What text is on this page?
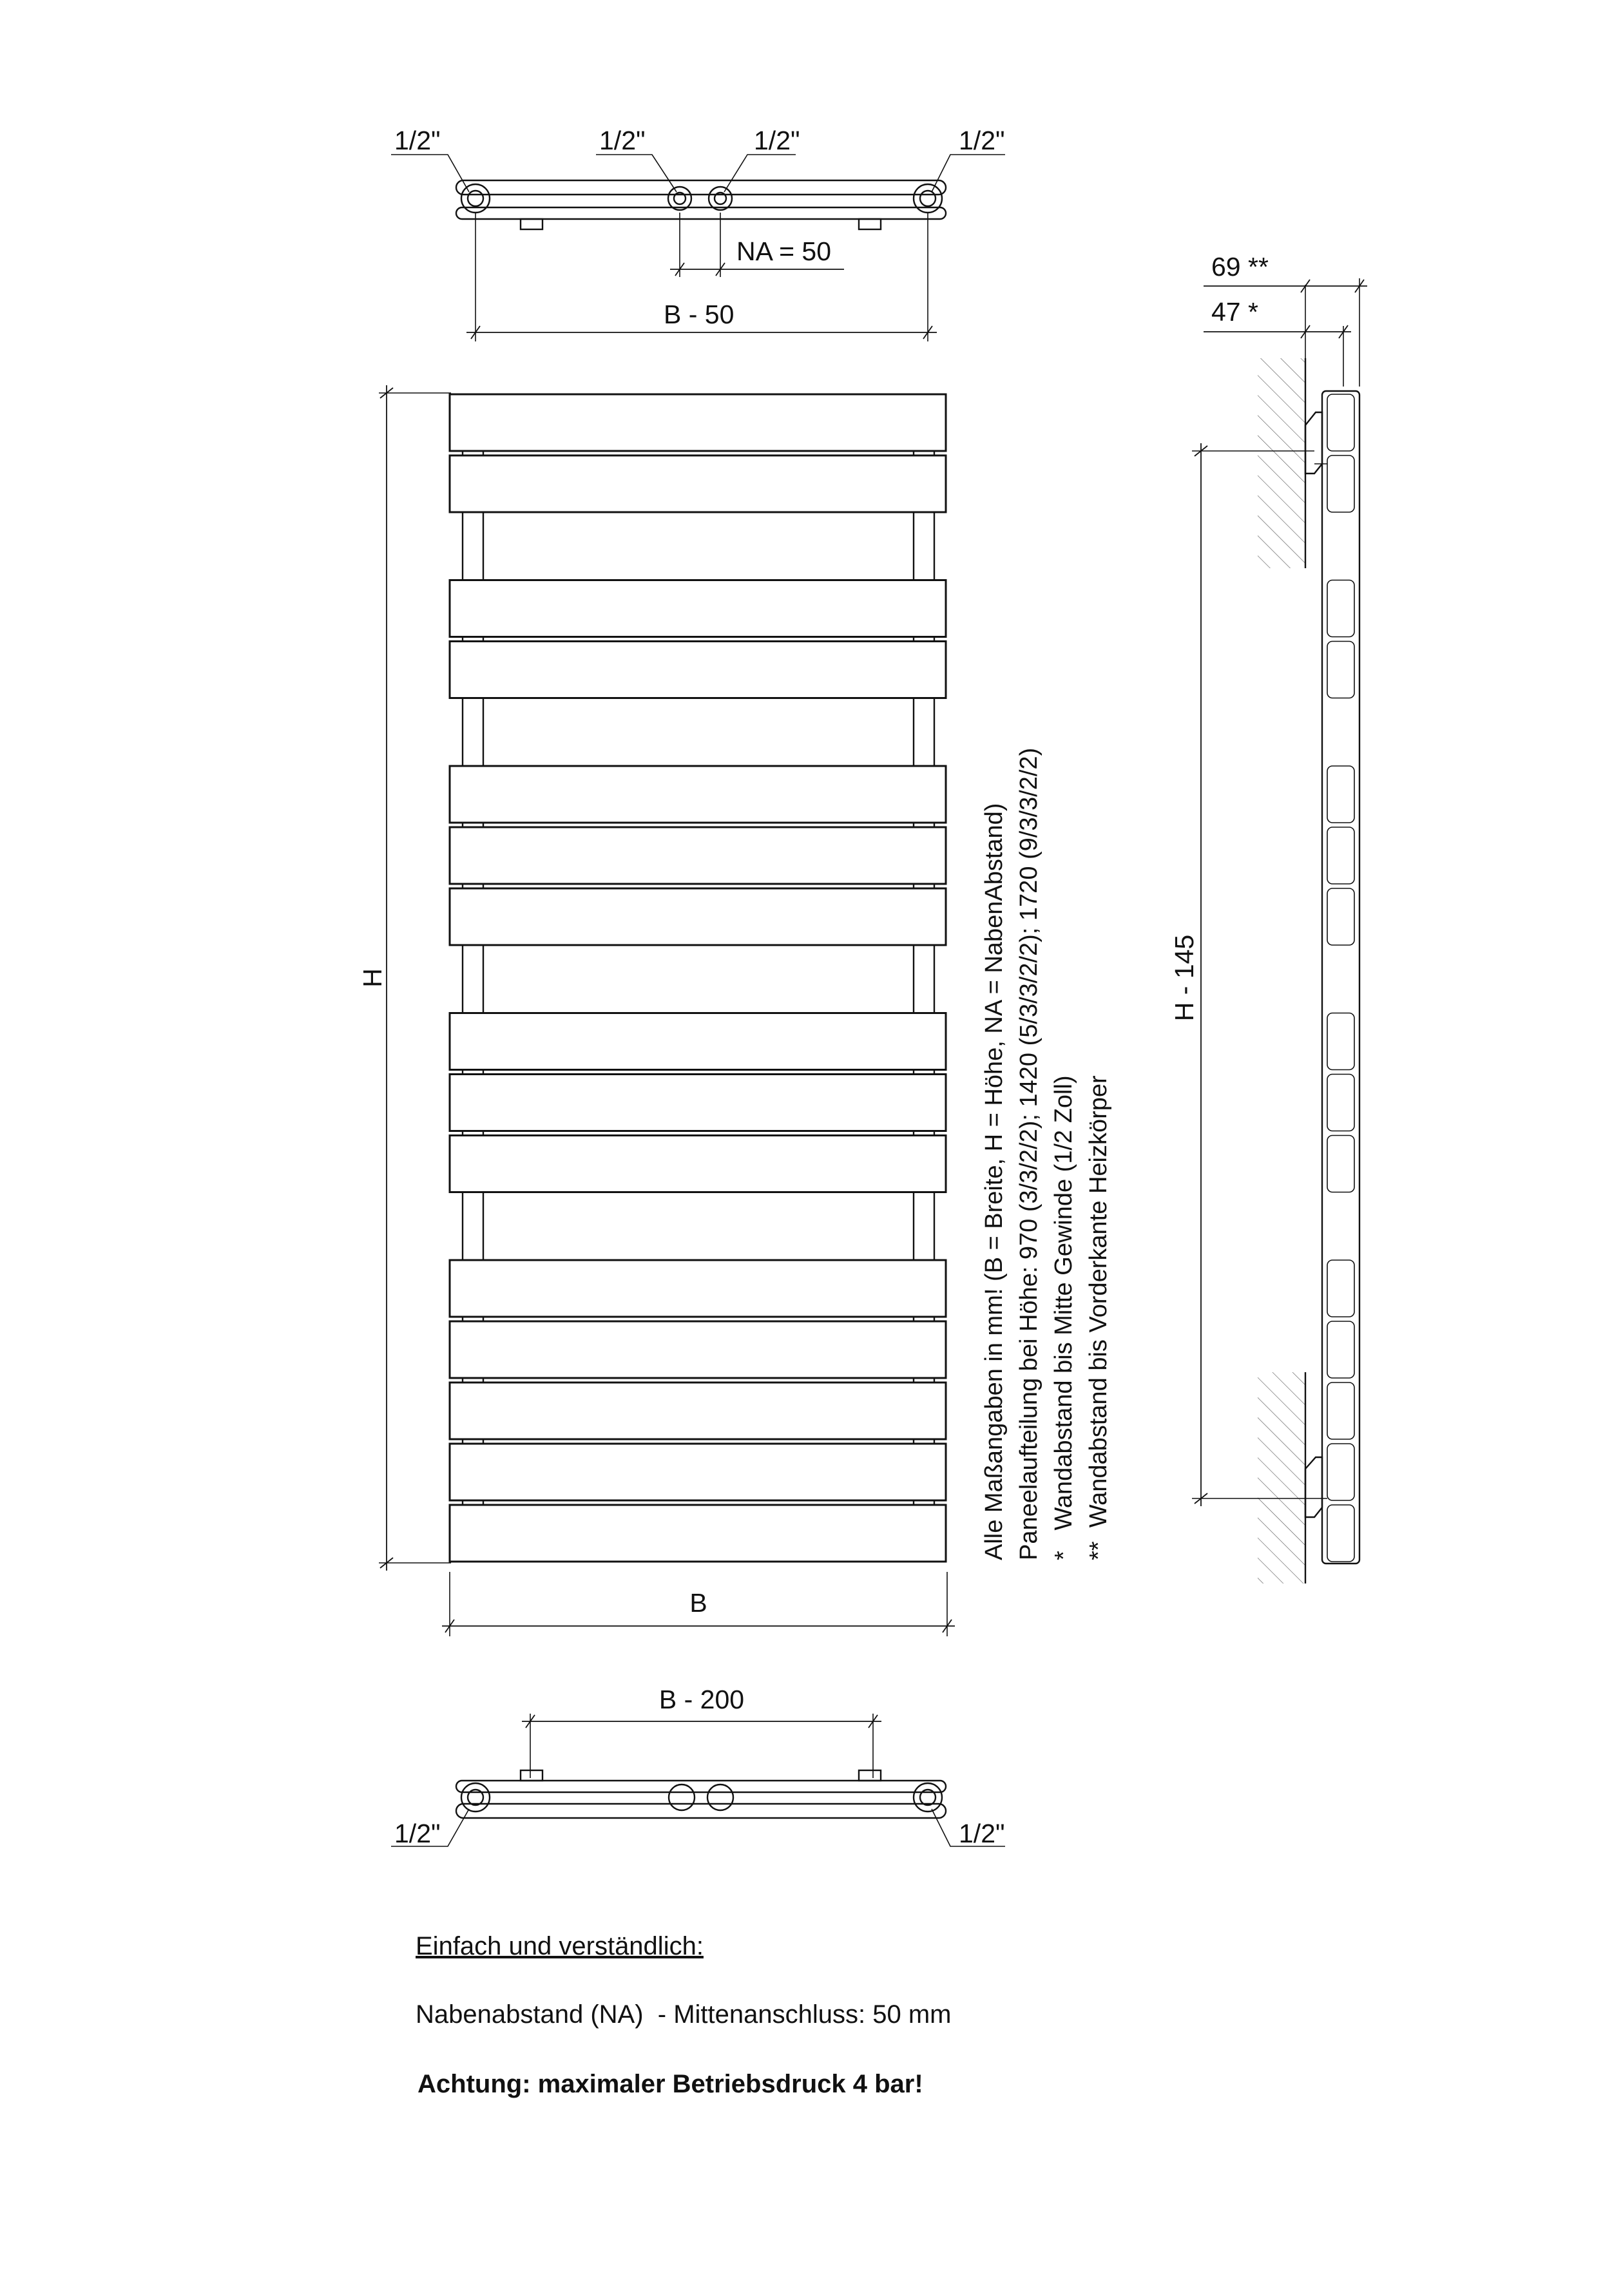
1/2"	1/2"	1/2"	1/2"
NA = 50
B - 50
H
B
Alle Maßangaben in mm! (B = Breite, H = Höhe, NA = NabenAbstand) Paneelaufteilung bei Höhe: 970 (3/3/2/2); 1420 (5/3/3/2/2); 1720 (9/3/3/2/2) *   Wandabstand bis Mitte Gewinde (1/2 Zoll) **  Wandabstand bis Vorderkante Heizkörper
69 **
47 *
H - 145
B - 200
1/2"	1/2"
Einfach und verständlich:
Nabenabstand (NA)  - Mittenanschluss: 50 mm
Achtung: maximaler Betriebsdruck 4 bar!
